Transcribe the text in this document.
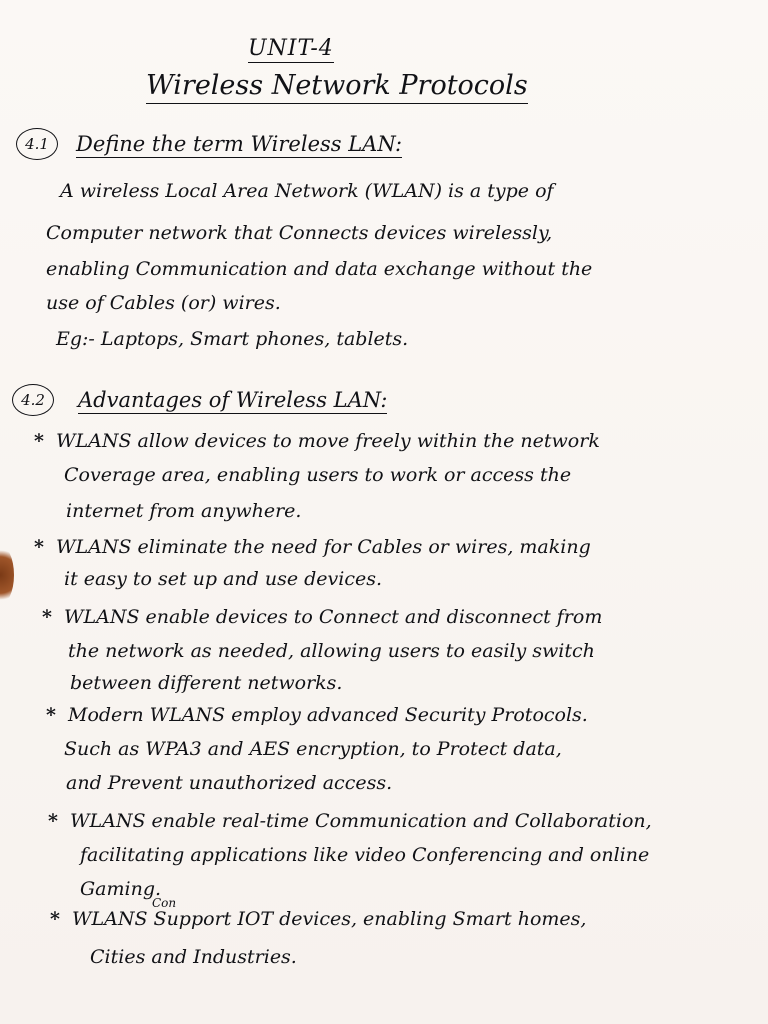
UNIT-4
Wireless Network Protocols
4.1	Define the term Wireless LAN:
A wireless Local Area Network (WLAN) is a type of
Computer network that Connects devices wirelessly,
enabling Communication and data exchange without the
use of Cables (or) wires.
Eg:- Laptops, Smart phones, tablets.
4.2	Advantages of Wireless LAN:
* WLANS allow devices to move freely within the network
Coverage area, enabling users to work or access the
internet from anywhere.
* WLANS eliminate the need for Cables or wires, making
it easy to set up and use devices.
* WLANS enable devices to Connect and disconnect from
the network as needed, allowing users to easily switch
between different networks.
* Modern WLANS employ advanced Security Protocols.
Such as WPA3 and AES encryption, to Protect data,
and Prevent unauthorized access.
* WLANS enable real-time Communication and Collaboration,
facilitating applications like video Conferencing and online
Gaming.
Con
* WLANS Support IOT devices, enabling Smart homes,
Cities and Industries.
